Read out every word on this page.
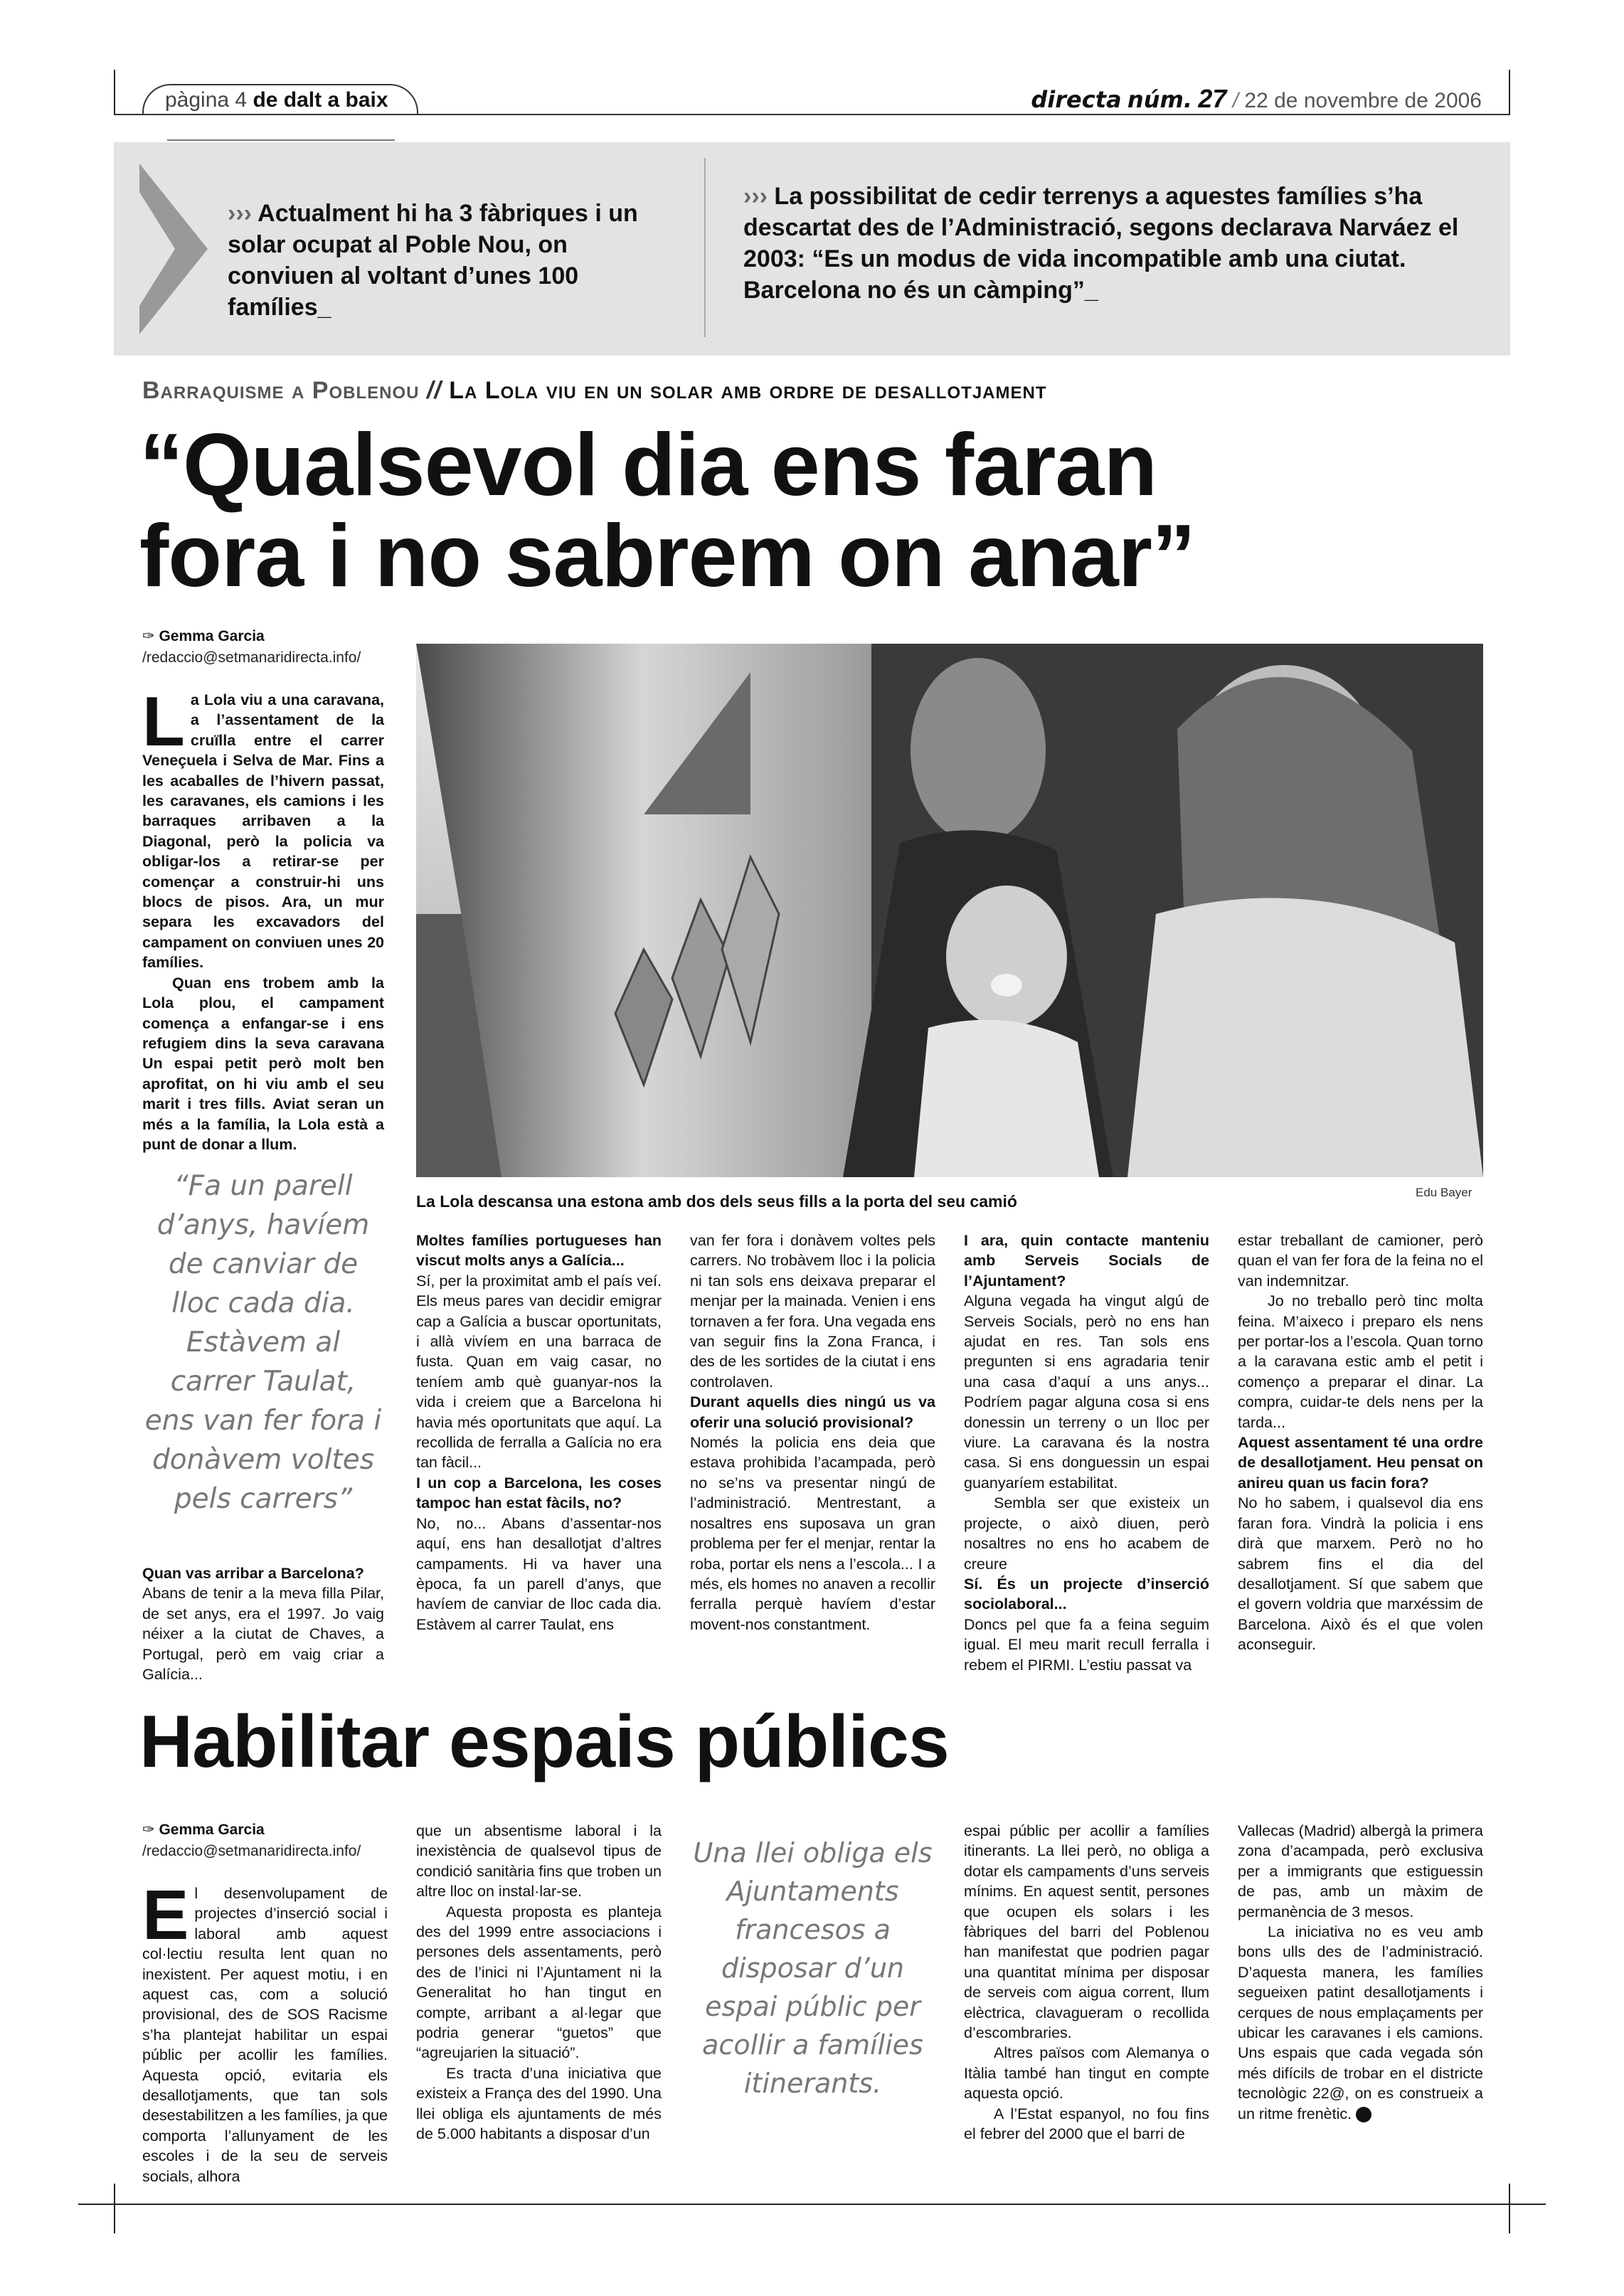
pàgina 4 de dalt a baix	directa núm. 27 / 22 de novembre de 2006
››› Actualment hi ha 3 fàbriques i un solar ocupat al Poble Nou, on conviuen al voltant d’unes 100 famílies_
››› La possibilitat de cedir terrenys a aquestes famílies s’ha descartat des de l’Administració, segons declarava Narváez el 2003: “Es un modus de vida incompatible amb una ciutat. Barcelona no és un càmping”_
Barraquisme a Poblenou // La Lola viu en un solar amb ordre de desallotjament
“Qualsevol dia ens faran
fora i no sabrem on anar”
✑ Gemma Garcia
/redaccio@setmanaridirecta.info/
L a Lola viu a una caravana, a l’assentament de la cruïlla entre el carrer Veneçuela i Selva de Mar. Fins a les acaballes de l’hivern passat, les caravanes, els camions i les barraques arribaven a la Diagonal, però la policia va obligar-los a retirar-se per començar a construir-hi uns blocs de pisos. Ara, un mur separa les excavadors del campament on conviuen unes 20 famílies.
Quan ens trobem amb la Lola plou, el campament comença a enfangar-se i ens refugiem dins la seva caravana Un espai petit però molt ben aprofitat, on hi viu amb el seu marit i tres fills. Aviat seran un més a la família, la Lola està a punt de donar a llum.
“Fa un parell d’anys, havíem de canviar de lloc cada dia. Estàvem al carrer Taulat, ens van fer fora i donàvem voltes pels carrers”
Quan vas arribar a Barcelona?
Abans de tenir a la meva filla Pilar, de set anys, era el 1997. Jo vaig néixer a la ciutat de Chaves, a Portugal, però em vaig criar a Galícia...
La Lola descansa una estona amb dos dels seus fills a la porta del seu camió	Edu Bayer
Moltes famílies portugueses han viscut molts anys a Galícia...
Sí, per la proximitat amb el país veí. Els meus pares van decidir emigrar cap a Galícia a buscar oportunitats, i allà vivíem en una barraca de fusta. Quan em vaig casar, no teníem amb què guanyar-nos la vida i creiem que a Barcelona hi havia més oportunitats que aquí. La recollida de ferralla a Galícia no era tan fàcil...
I un cop a Barcelona, les coses tampoc han estat fàcils, no?
No, no... Abans d’assentar-nos aquí, ens han desallotjat d’altres campaments. Hi va haver una època, fa un parell d’anys, que havíem de canviar de lloc cada dia. Estàvem al carrer Taulat, ens
van fer fora i donàvem voltes pels carrers. No trobàvem lloc i la policia ni tan sols ens deixava preparar el menjar per la mainada. Venien i ens tornaven a fer fora. Una vegada ens van seguir fins la Zona Franca, i des de les sortides de la ciutat i ens controlaven.
Durant aquells dies ningú us va oferir una solució provisional?
Només la policia ens deia que estava prohibida l’acampada, però no se’ns va presentar ningú de l’administració. Mentrestant, a nosaltres ens suposava un gran problema per fer el menjar, rentar la roba, portar els nens a l’escola... I a més, els homes no anaven a recollir ferralla perquè havíem d’estar movent-nos constantment.
I ara, quin contacte manteniu amb Serveis Socials de l’Ajuntament?
Alguna vegada ha vingut algú de Serveis Socials, però no ens han ajudat en res. Tan sols ens pregunten si ens agradaria tenir una casa d’aquí a uns anys... Podríem pagar alguna cosa si ens donessin un terreny o un lloc per viure. La caravana és la nostra casa. Si ens donguessin un espai guanyaríem estabilitat.
Sembla ser que existeix un projecte, o això diuen, però nosaltres no ens ho acabem de creure
Sí. És un projecte d’inserció sociolaboral...
Doncs pel que fa a feina seguim igual. El meu marit recull ferralla i rebem el PIRMI. L’estiu passat va
estar treballant de camioner, però quan el van fer fora de la feina no el van indemnitzar.
Jo no treballo però tinc molta feina. M’aixeco i preparo els nens per portar-los a l’escola. Quan torno a la caravana estic amb el petit i començo a preparar el dinar. La compra, cuidar-te dels nens per la tarda...
Aquest assentament té una ordre de desallotjament. Heu pensat on anireu quan us facin fora?
No ho sabem, i qualsevol dia ens faran fora. Vindrà la policia i ens dirà que marxem. Però no ho sabrem fins el dia del desallotjament. Sí que sabem que el govern voldria que marxéssim de Barcelona. Això és el que volen aconseguir.
Habilitar espais públics
✑ Gemma Garcia
/redaccio@setmanaridirecta.info/
E l desenvolupament de projectes d’inserció social i laboral amb aquest col·lectiu resulta lent quan no inexistent. Per aquest motiu, i en aquest cas, com a solució provisional, des de SOS Racisme s’ha plantejat habilitar un espai públic per acollir les famílies. Aquesta opció, evitaria els desallotjaments, que tan sols desestabilitzen a les famílies, ja que comporta l’allunyament de les escoles i de la seu de serveis socials, alhora
que un absentisme laboral i la inexistència de qualsevol tipus de condició sanitària fins que troben un altre lloc on instal·lar-se.
Aquesta proposta es planteja des del 1999 entre associacions i persones dels assentaments, però des de l’inici ni l’Ajuntament ni la Generalitat ho han tingut en compte, arribant a al·legar que podria generar “guetos” que “agreujarien la situació”.
Es tracta d’una iniciativa que existeix a França des del 1990. Una llei obliga els ajuntaments de més de 5.000 habitants a disposar d’un
Una llei obliga els Ajuntaments francesos a disposar d’un espai públic per acollir a famílies itinerants.
espai públic per acollir a famílies itinerants. La llei però, no obliga a dotar els campaments d’uns serveis mínims. En aquest sentit, persones que ocupen els solars i les fàbriques del barri del Poblenou han manifestat que podrien pagar una quantitat mínima per disposar de serveis com aigua corrent, llum elèctrica, clavagueram o recollida d’escombraries.
Altres països com Alemanya o Itàlia també han tingut en compte aquesta opció.
A l’Estat espanyol, no fou fins el febrer del 2000 que el barri de
Vallecas (Madrid) albergà la primera zona d’acampada, però exclusiva per a immigrants que estiguessin de pas, amb un màxim de permanència de 3 mesos.
La iniciativa no es veu amb bons ulls des de l’administració. D’aquesta manera, les famílies segueixen patint desallotjaments i cerques de nous emplaçaments per ubicar les caravanes i els camions. Uns espais que cada vegada són més difícils de trobar en el districte tecnològic 22@, on es construeix a un ritme frenètic.
